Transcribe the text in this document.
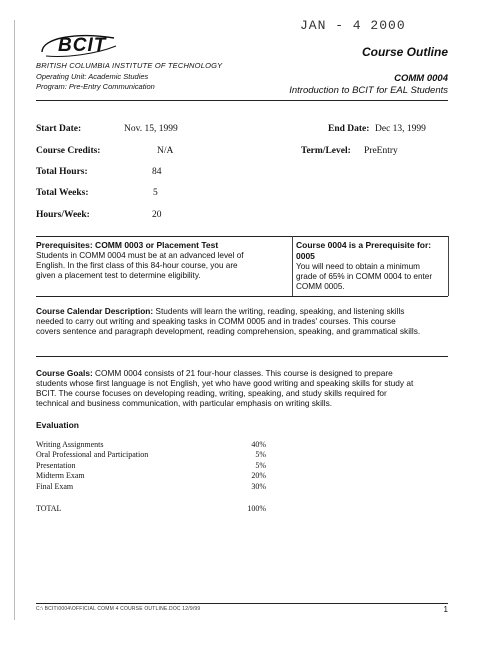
JAN - 4 2000
BCIT
BRITISH COLUMBIA INSTITUTE OF TECHNOLOGY
Operating Unit: Academic Studies
Program: Pre-Entry Communication
Course Outline
COMM 0004
Introduction to BCIT for EAL Students
Start Date:	Nov. 15, 1999	End Date: Dec 13, 1999
Course Credits:	N/A	Term/Level: PreEntry
Total Hours:	84
Total Weeks:	5
Hours/Week:	20
Prerequisites: COMM 0003 or Placement Test
Students in COMM 0004 must be at an advanced level of
English. In the first class of this 84-hour course, you are
given a placement test to determine eligibility.
Course 0004 is a Prerequisite for:
0005
You will need to obtain a minimum
grade of 65% in COMM 0004 to enter
COMM 0005.
Course Calendar Description: Students will learn the writing, reading, speaking, and listening skills
needed to carry out writing and speaking tasks in COMM 0005 and in trades' courses. This course
covers sentence and paragraph development, reading comprehension, speaking, and grammatical skills.
Course Goals: COMM 0004 consists of 21 four-hour classes. This course is designed to prepare
students whose first language is not English, yet who have good writing and speaking skills for study at
BCIT. The course focuses on developing reading, writing, speaking, and study skills required for
technical and business communication, with particular emphasis on writing skills.
Evaluation
Writing Assignments	40%
Oral Professional and Participation	5%
Presentation	5%
Midterm Exam	20%
Final Exam	30%
TOTAL	100%
C:\ BCIT\0004\OFFICIAL COMM 4 COURSE OUTLINE.DOC 12/9/99	1
